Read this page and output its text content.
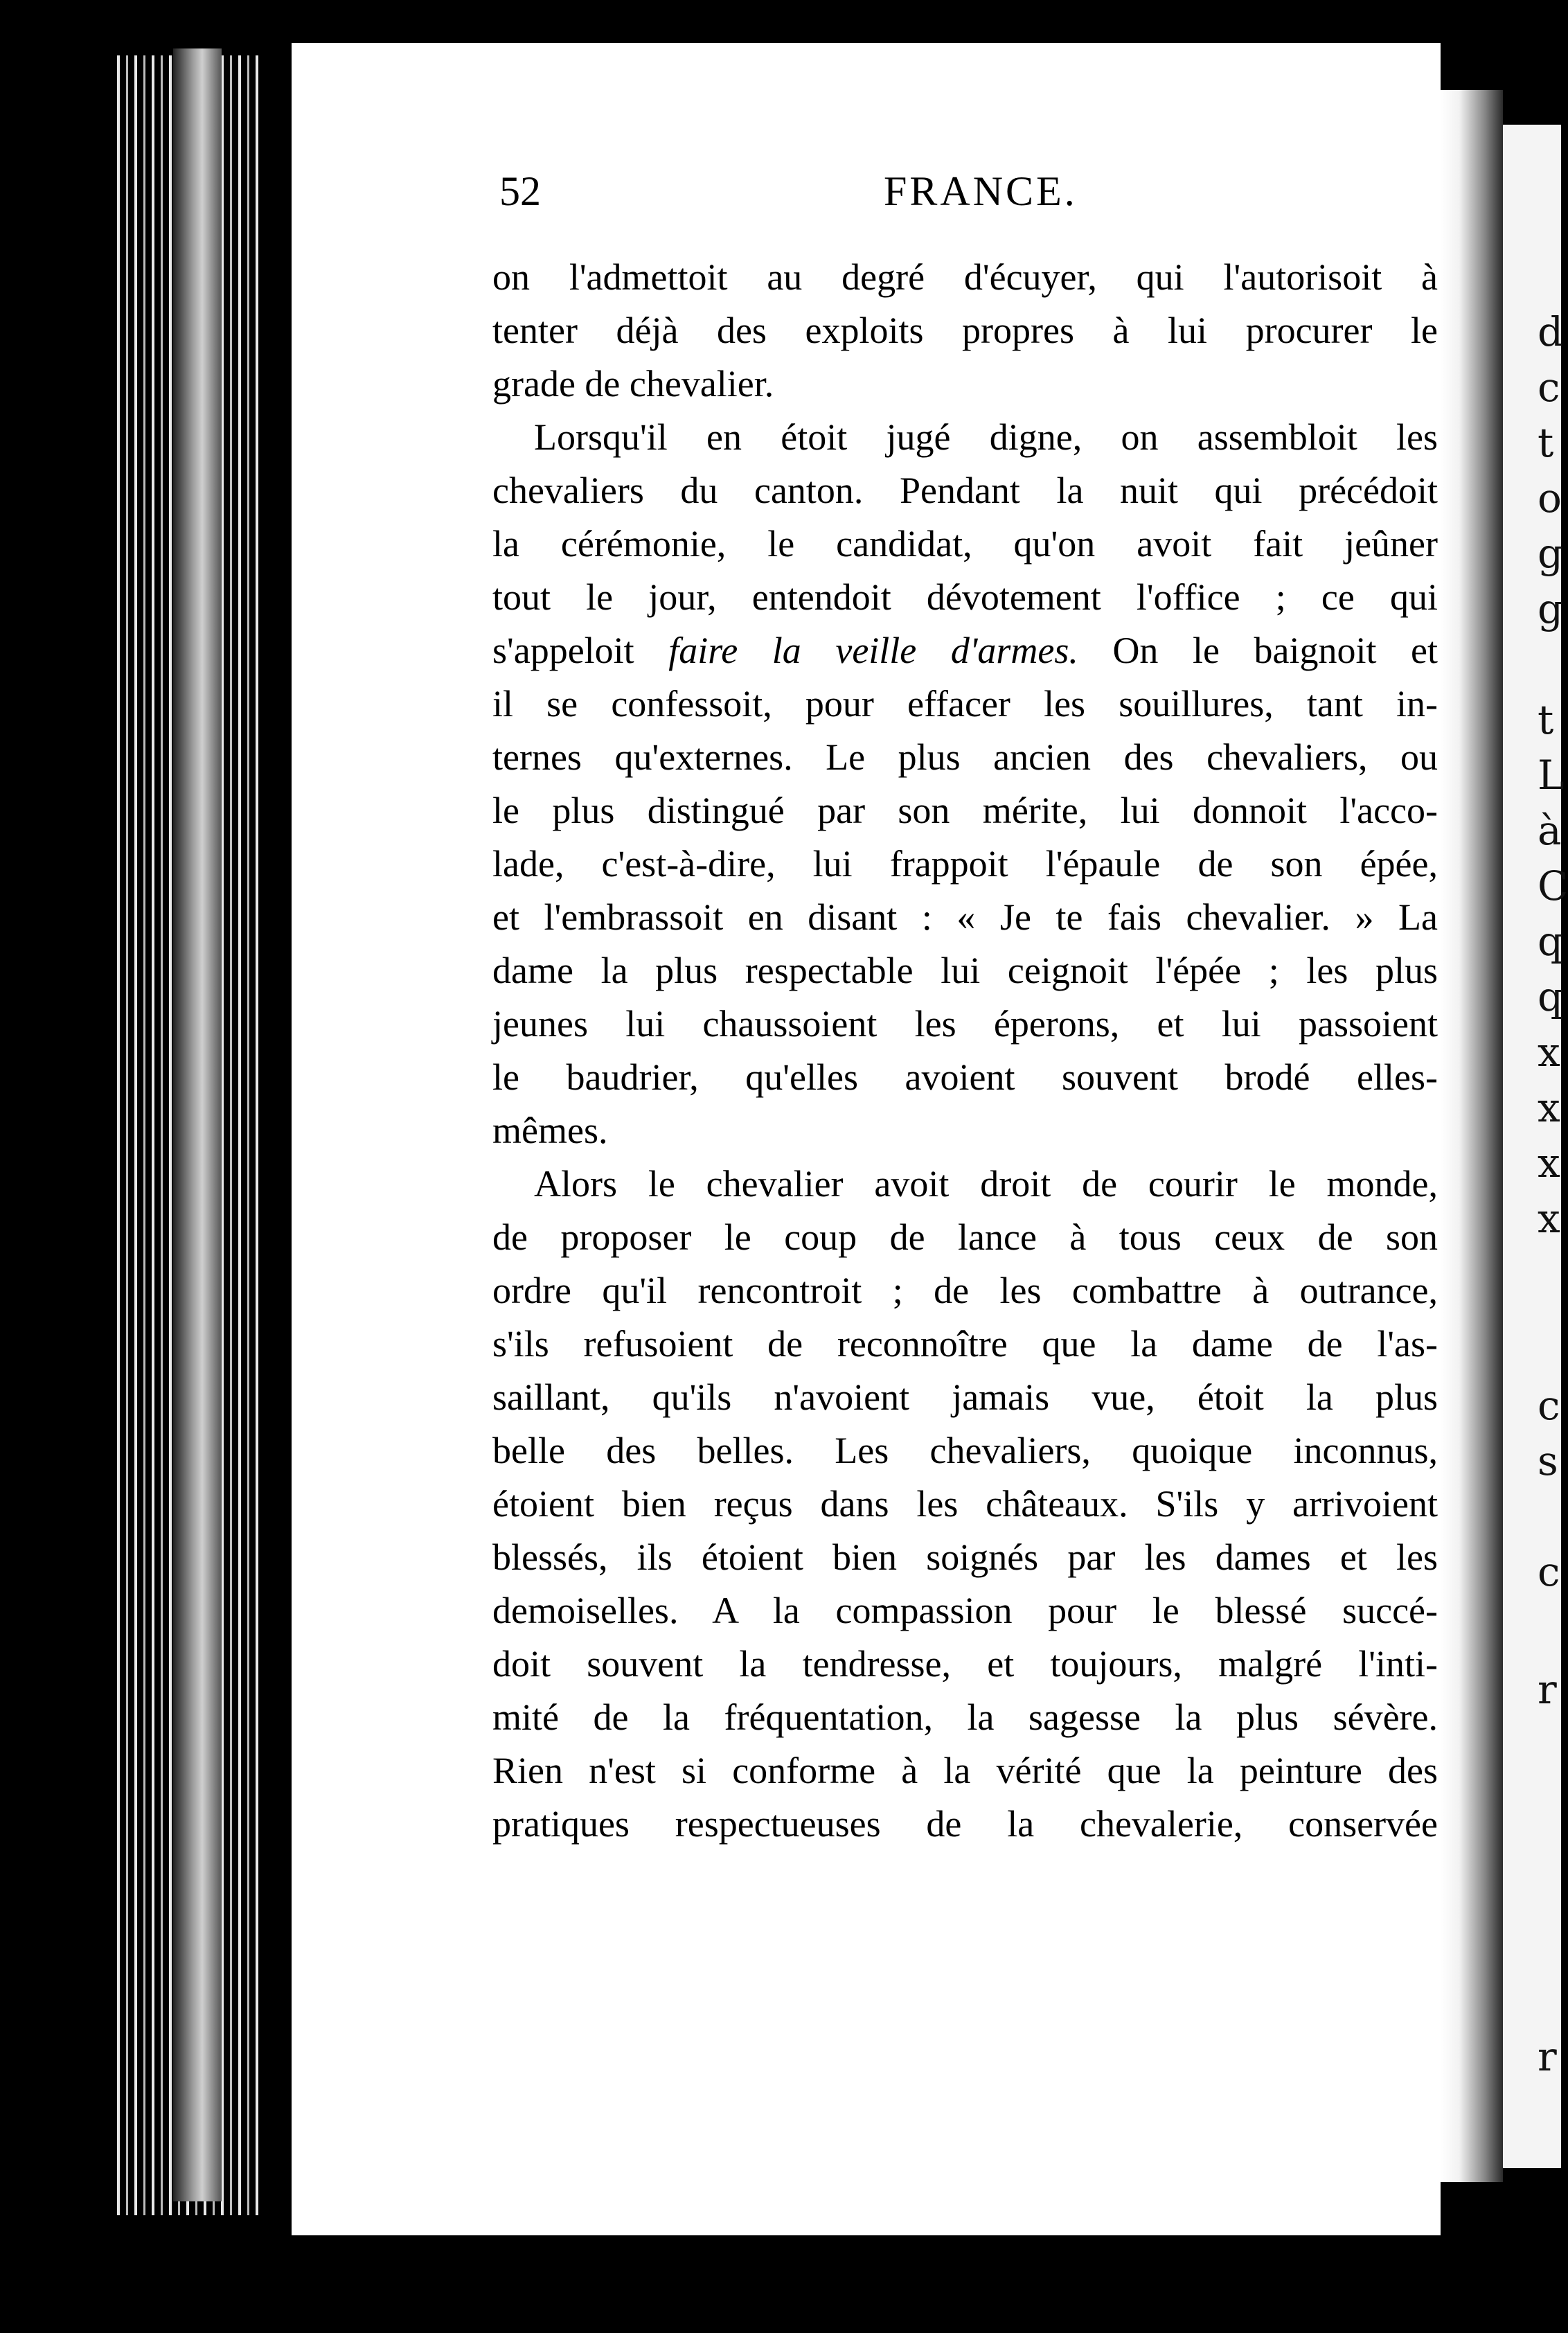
52	FRANCE.
on l'admettoit au degré d'écuyer, qui l'autorisoit à
tenter déjà des exploits propres à lui procurer le
grade de chevalier.
Lorsqu'il en étoit jugé digne, on assembloit les
chevaliers du canton. Pendant la nuit qui précédoit
la cérémonie, le candidat, qu'on avoit fait jeûner
tout le jour, entendoit dévotement l'office ; ce qui
s'appeloit faire la veille d'armes. On le baignoit et
il se confessoit, pour effacer les souillures, tant in-
ternes qu'externes. Le plus ancien des chevaliers, ou
le plus distingué par son mérite, lui donnoit l'acco-
lade, c'est-à-dire, lui frappoit l'épaule de son épée,
et l'embrassoit en disant : « Je te fais chevalier. » La
dame la plus respectable lui ceignoit l'épée ; les plus
jeunes lui chaussoient les éperons, et lui passoient
le baudrier, qu'elles avoient souvent brodé elles-
mêmes.
Alors le chevalier avoit droit de courir le monde,
de proposer le coup de lance à tous ceux de son
ordre qu'il rencontroit ; de les combattre à outrance,
s'ils refusoient de reconnoître que la dame de l'as-
saillant, qu'ils n'avoient jamais vue, étoit la plus
belle des belles. Les chevaliers, quoique inconnus,
étoient bien reçus dans les châteaux. S'ils y arrivoient
blessés, ils étoient bien soignés par les dames et les
demoiselles. A la compassion pour le blessé succé-
doit souvent la tendresse, et toujours, malgré l'inti-
mité de la fréquentation, la sagesse la plus sévère.
Rien n'est si conforme à la vérité que la peinture des
pratiques respectueuses de la chevalerie, conservée
d
c
t
o
g
g
t
L
à
C
q
q
x
x
x
x
c
s
c
r
r
